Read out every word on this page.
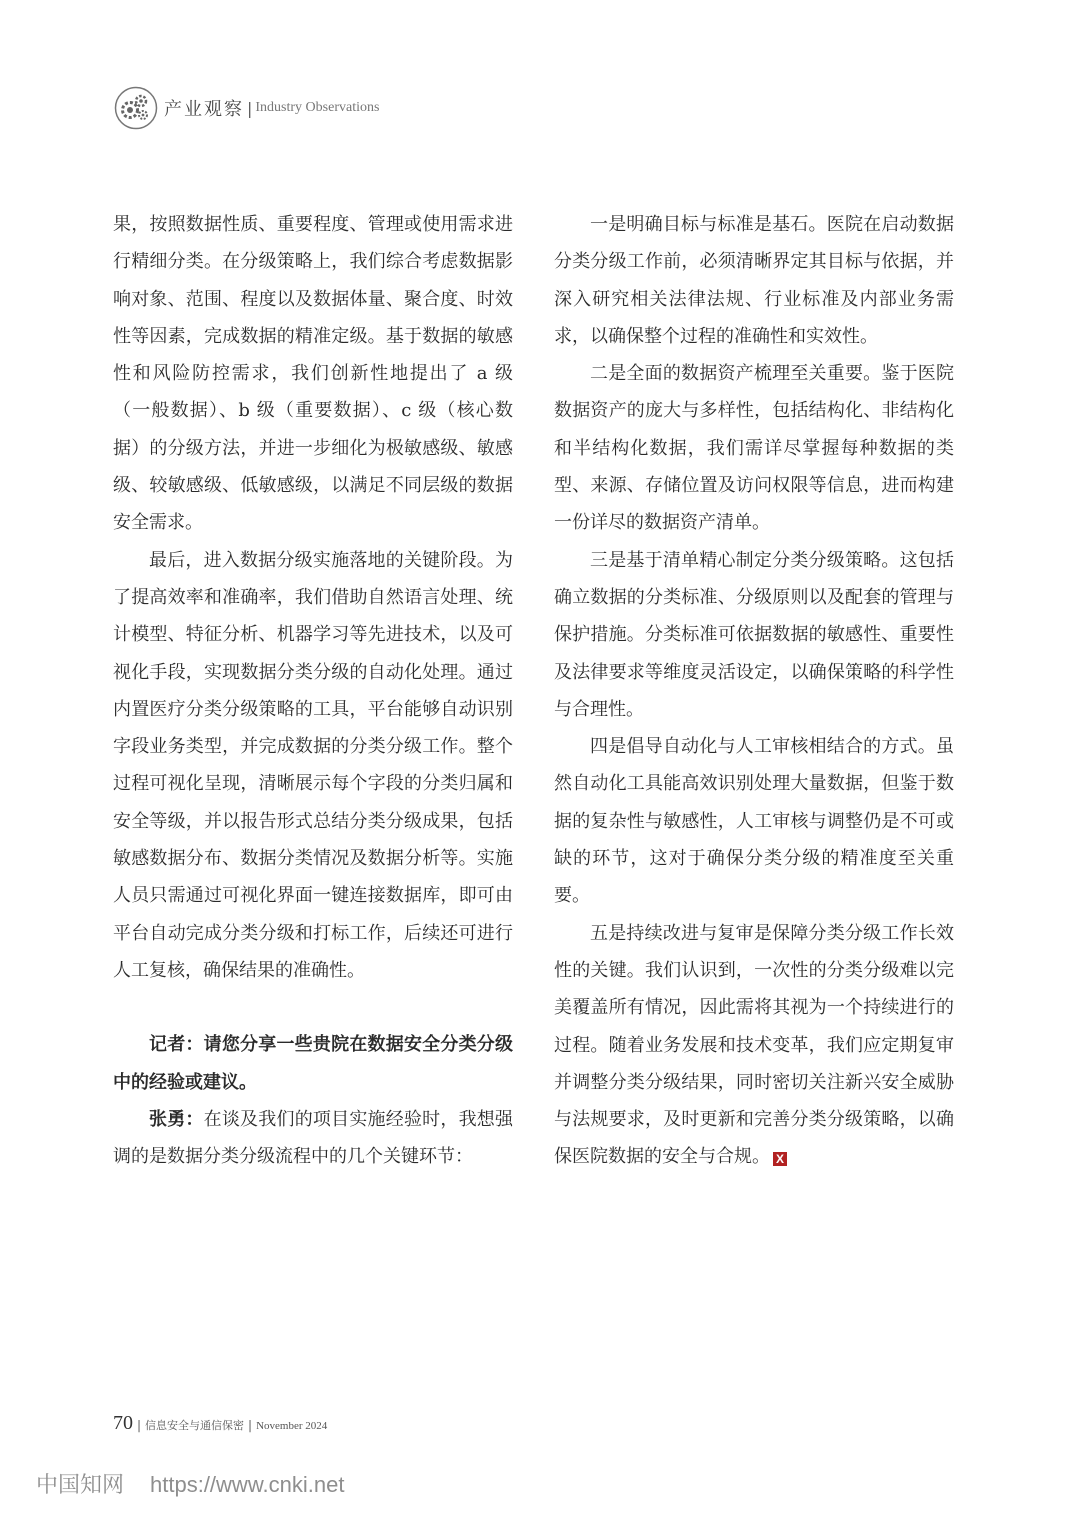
产业观察 | Industry Observations

果，按照数据性质、重要程度、管理或使用需求进行精细分类。在分级策略上，我们综合考虑数据影响对象、范围、程度以及数据体量、聚合度、时效性等因素，完成数据的精准定级。基于数据的敏感性和风险防控需求，我们创新性地提出了 a 级（一般数据）、b 级（重要数据）、c 级（核心数据）的分级方法，并进一步细化为极敏感级、敏感级、较敏感级、低敏感级，以满足不同层级的数据安全需求。

最后，进入数据分级实施落地的关键阶段。为了提高效率和准确率，我们借助自然语言处理、统计模型、特征分析、机器学习等先进技术，以及可视化手段，实现数据分类分级的自动化处理。通过内置医疗分类分级策略的工具，平台能够自动识别字段业务类型，并完成数据的分类分级工作。整个过程可视化呈现，清晰展示每个字段的分类归属和安全等级，并以报告形式总结分类分级成果，包括敏感数据分布、数据分类情况及数据分析等。实施人员只需通过可视化界面一键连接数据库，即可由平台自动完成分类分级和打标工作，后续还可进行人工复核，确保结果的准确性。

记者：请您分享一些贵院在数据安全分类分级中的经验或建议。

张勇：在谈及我们的项目实施经验时，我想强调的是数据分类分级流程中的几个关键环节：

一是明确目标与标准是基石。医院在启动数据分类分级工作前，必须清晰界定其目标与依据，并深入研究相关法律法规、行业标准及内部业务需求，以确保整个过程的准确性和实效性。

二是全面的数据资产梳理至关重要。鉴于医院数据资产的庞大与多样性，包括结构化、非结构化和半结构化数据，我们需详尽掌握每种数据的类型、来源、存储位置及访问权限等信息，进而构建一份详尽的数据资产清单。

三是基于清单精心制定分类分级策略。这包括确立数据的分类标准、分级原则以及配套的管理与保护措施。分类标准可依据数据的敏感性、重要性及法律要求等维度灵活设定，以确保策略的科学性与合理性。

四是倡导自动化与人工审核相结合的方式。虽然自动化工具能高效识别处理大量数据，但鉴于数据的复杂性与敏感性，人工审核与调整仍是不可或缺的环节，这对于确保分类分级的精准度至关重要。

五是持续改进与复审是保障分类分级工作长效性的关键。我们认识到，一次性的分类分级难以完美覆盖所有情况，因此需将其视为一个持续进行的过程。随着业务发展和技术变革，我们应定期复审并调整分类分级结果，同时密切关注新兴安全威胁与法规要求，及时更新和完善分类分级策略，以确保医院数据的安全与合规。 X

70 | 信息安全与通信保密 | November 2024
中国知网 https://www.cnki.net
